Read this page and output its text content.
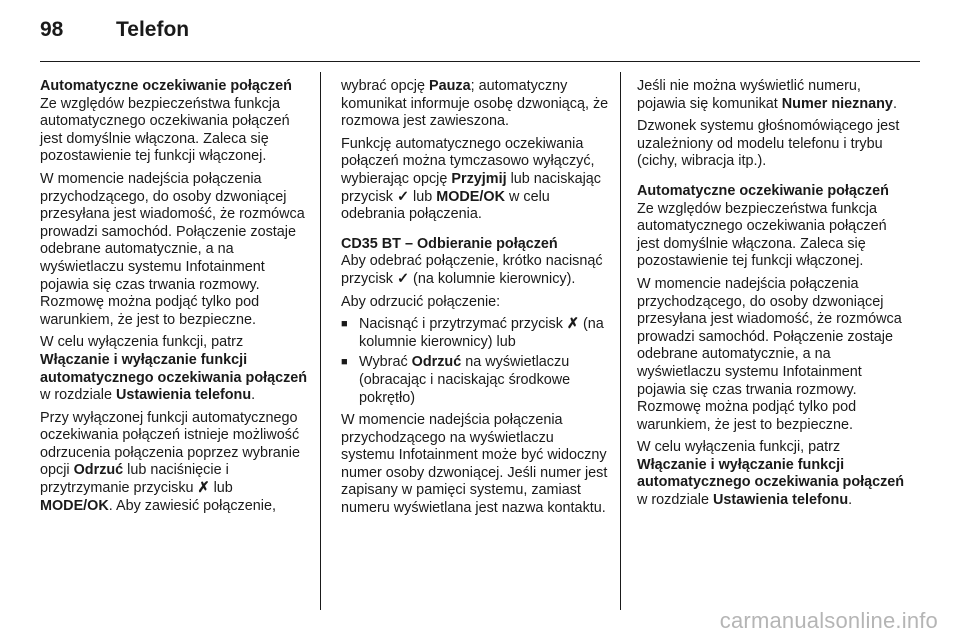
98	Telefon

Automatyczne oczekiwanie połączeń

Ze względów bezpieczeństwa funkcja automatycznego oczekiwania połączeń jest domyślnie włączona. Zaleca się pozostawienie tej funkcji włączonej.

W momencie nadejścia połączenia przychodzącego, do osoby dzwoniącej przesyłana jest wiadomość, że rozmówca prowadzi samochód. Połączenie zostaje odebrane automatycznie, a na wyświetlaczu systemu Infotainment pojawia się czas trwania rozmowy. Rozmowę można podjąć tylko pod warunkiem, że jest to bezpieczne.

W celu wyłączenia funkcji, patrz Włączanie i wyłączanie funkcji automatycznego oczekiwania połączeń w rozdziale Ustawienia telefonu.

Przy wyłączonej funkcji automatycznego oczekiwania połączeń istnieje możliwość odrzucenia połączenia poprzez wybranie opcji Odrzuć lub naciśnięcie i przytrzymanie przycisku ✗ lub MODE/OK. Aby zawiesić połączenie,

wybrać opcję Pauza; automatyczny komunikat informuje osobę dzwoniącą, że rozmowa jest zawieszona.

Funkcję automatycznego oczekiwania połączeń można tymczasowo wyłączyć, wybierając opcję Przyjmij lub naciskając przycisk ✓ lub MODE/OK w celu odebrania połączenia.

CD35 BT – Odbieranie połączeń

Aby odebrać połączenie, krótko nacisnąć przycisk ✓ (na kolumnie kierownicy).

Aby odrzucić połączenie:

■ Nacisnąć i przytrzymać przycisk ✗ (na kolumnie kierownicy) lub
■ Wybrać Odrzuć na wyświetlaczu (obracając i naciskając środkowe pokrętło)

W momencie nadejścia połączenia przychodzącego na wyświetlaczu systemu Infotainment może być widoczny numer osoby dzwoniącej. Jeśli numer jest zapisany w pamięci systemu, zamiast numeru wyświetlana jest nazwa kontaktu.

Jeśli nie można wyświetlić numeru, pojawia się komunikat Numer nieznany.

Dzwonek systemu głośnomówiącego jest uzależniony od modelu telefonu i trybu (cichy, wibracja itp.).

Automatyczne oczekiwanie połączeń

Ze względów bezpieczeństwa funkcja automatycznego oczekiwania połączeń jest domyślnie włączona. Zaleca się pozostawienie tej funkcji włączonej.

W momencie nadejścia połączenia przychodzącego, do osoby dzwoniącej przesyłana jest wiadomość, że rozmówca prowadzi samochód. Połączenie zostaje odebrane automatycznie, a na wyświetlaczu systemu Infotainment pojawia się czas trwania rozmowy. Rozmowę można podjąć tylko pod warunkiem, że jest to bezpieczne.

W celu wyłączenia funkcji, patrz Włączanie i wyłączanie funkcji automatycznego oczekiwania połączeń w rozdziale Ustawienia telefonu.

carmanualsonline.info
